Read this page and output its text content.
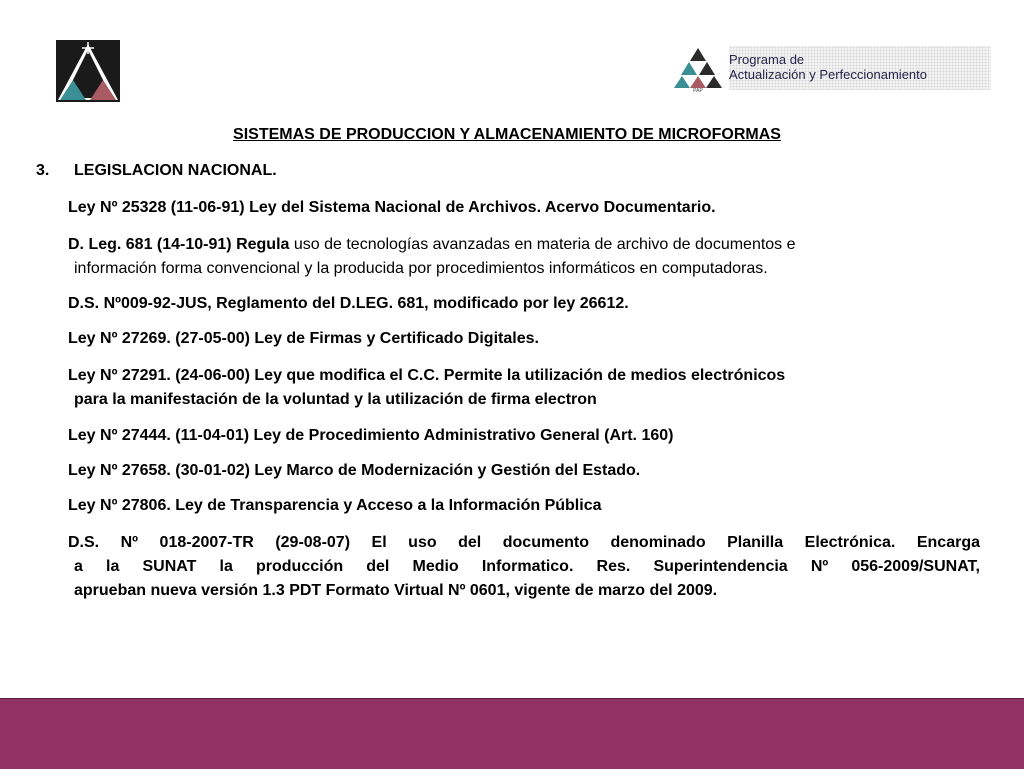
PAP
Programa de
Actualización y Perfeccionamiento
SISTEMAS DE PRODUCCION Y ALMACENAMIENTO DE MICROFORMAS
3. LEGISLACION NACIONAL.
Ley Nº 25328 (11-06-91) Ley del Sistema Nacional de Archivos. Acervo Documentario.
D. Leg. 681 (14-10-91) Regula uso de tecnologías avanzadas en materia de archivo de documentos e
información forma convencional y la producida por procedimientos informáticos en computadoras.
D.S. Nº009-92-JUS, Reglamento del D.LEG. 681, modificado por ley 26612.
Ley Nº 27269. (27-05-00) Ley de Firmas y Certificado Digitales.
Ley Nº 27291. (24-06-00) Ley que modifica el C.C. Permite la utilización de medios electrónicos
para la manifestación de la voluntad y la utilización de firma electron
Ley Nº 27444. (11-04-01) Ley de Procedimiento Administrativo General (Art. 160)
Ley Nº 27658. (30-01-02) Ley Marco de Modernización y Gestión del Estado.
Ley Nº 27806. Ley de Transparencia y Acceso a la Información Pública
D.S. Nº 018-2007-TR (29-08-07) El uso del documento denominado Planilla Electrónica. Encarga
a la SUNAT la producción del Medio Informatico. Res. Superintendencia Nº 056-2009/SUNAT,
aprueban nueva versión 1.3 PDT Formato Virtual Nº 0601, vigente de marzo del 2009.
